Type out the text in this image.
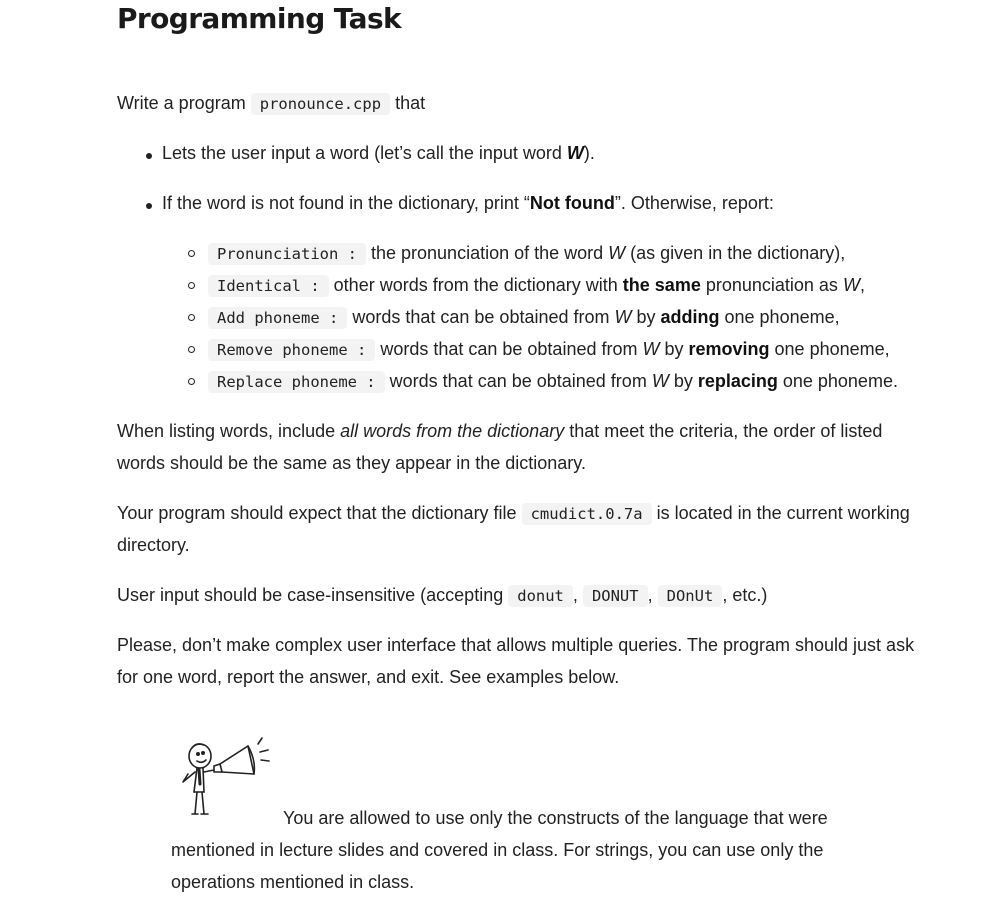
Programming Task
Write a program pronounce.cpp that
Lets the user input a word (let’s call the input word W).
If the word is not found in the dictionary, print “Not found”. Otherwise, report:
Pronunciation : the pronunciation of the word W (as given in the dictionary),
Identical : other words from the dictionary with the same pronunciation as W,
Add phoneme : words that can be obtained from W by adding one phoneme,
Remove phoneme : words that can be obtained from W by removing one phoneme,
Replace phoneme : words that can be obtained from W by replacing one phoneme.
When listing words, include all words from the dictionary that meet the criteria, the order of listed
words should be the same as they appear in the dictionary.
Your program should expect that the dictionary file cmudict.0.7a is located in the current working
directory.
User input should be case-insensitive (accepting donut , DONUT , DOnUt , etc.)
Please, don’t make complex user interface that allows multiple queries. The program should just ask
for one word, report the answer, and exit. See examples below.
You are allowed to use only the constructs of the language that were
mentioned in lecture slides and covered in class. For strings, you can use only the
operations mentioned in class.
